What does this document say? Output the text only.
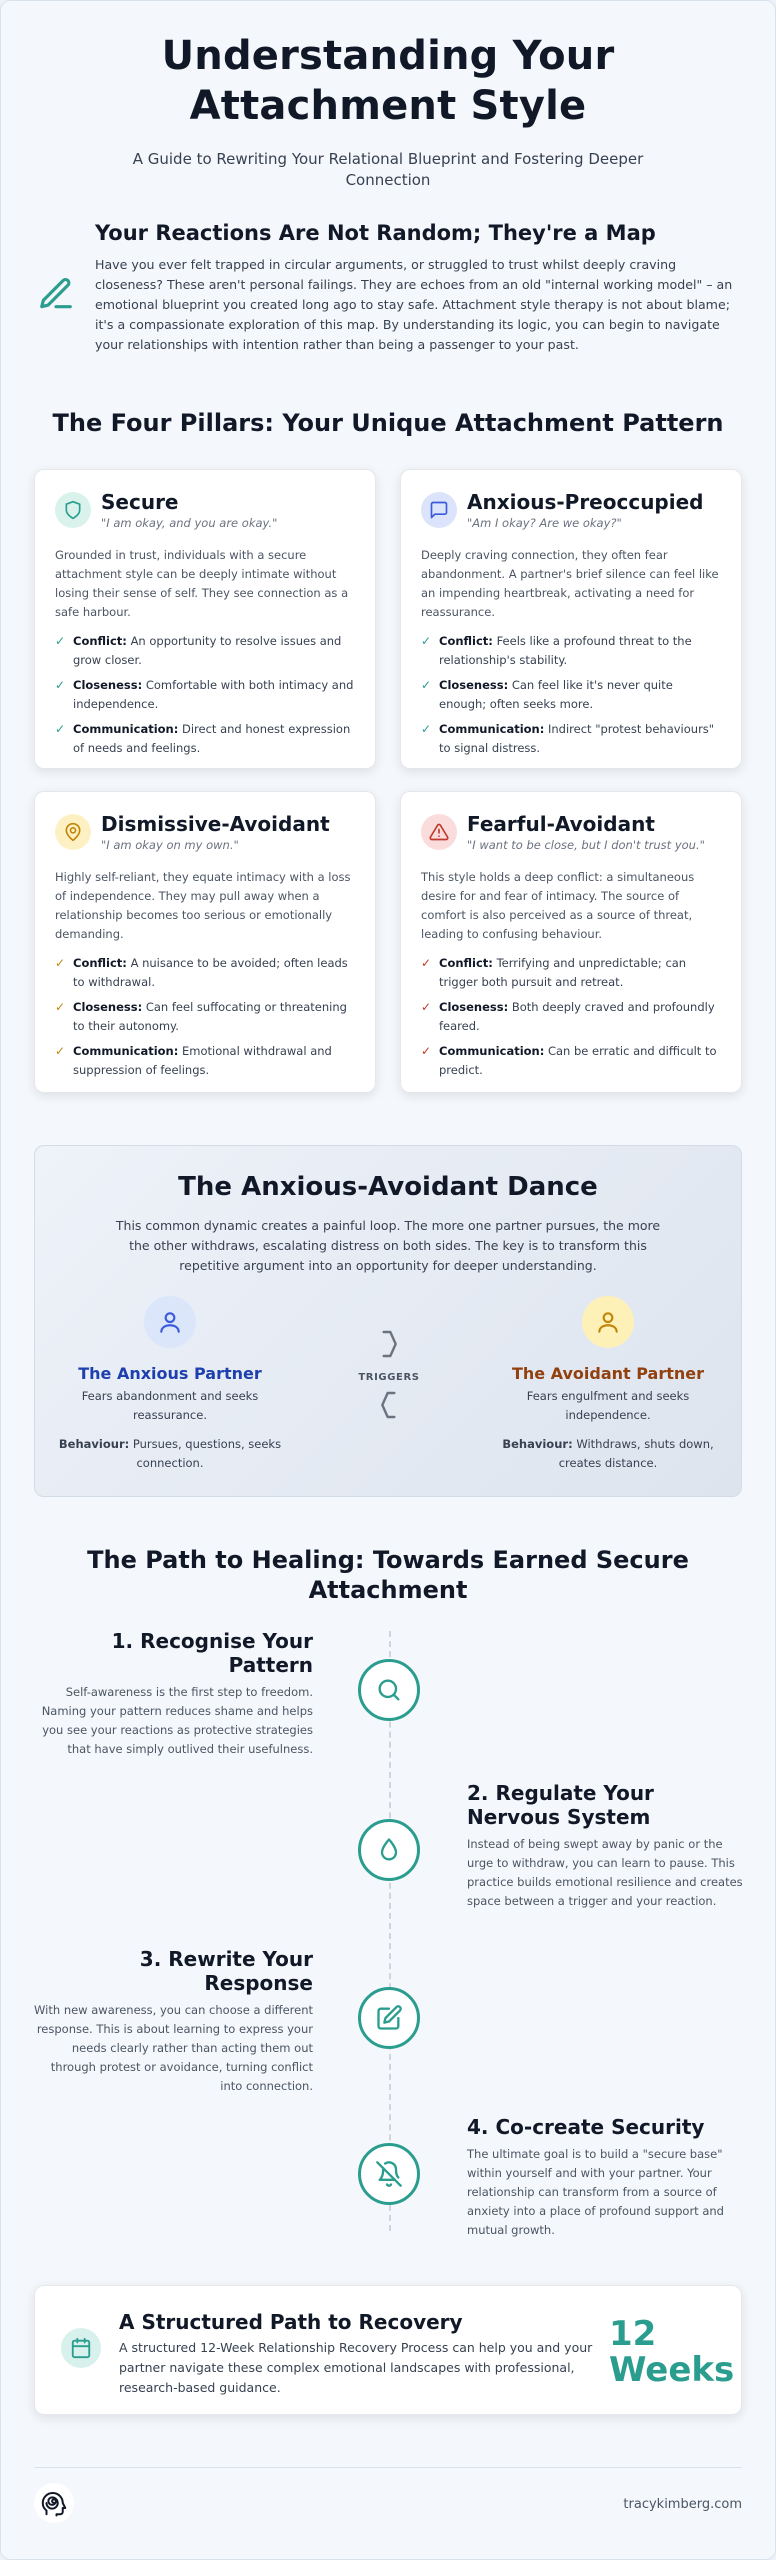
Understanding Your Attachment Style
A Guide to Rewriting Your Relational Blueprint and Fostering Deeper Connection
Your Reactions Are Not Random; They're a Map

Have you ever felt trapped in circular arguments, or struggled to trust whilst deeply craving closeness? These aren't personal failings. They are echoes from an old "internal working model" – an emotional blueprint you created long ago to stay safe. Attachment style therapy is not about blame; it's a compassionate exploration of this map. By understanding its logic, you can begin to navigate your relationships with intention rather than being a passenger to your past.

The Four Pillars: Your Unique Attachment Pattern
Secure
"I am okay, and you are okay."
Grounded in trust, individuals with a secure attachment style can be deeply intimate without losing their sense of self. They see connection as a safe harbour.
✓ Conflict: An opportunity to resolve issues and grow closer.
✓ Closeness: Comfortable with both intimacy and independence.
✓ Communication: Direct and honest expression of needs and feelings.
Anxious-Preoccupied
"Am I okay? Are we okay?"
Deeply craving connection, they often fear abandonment. A partner's brief silence can feel like an impending heartbreak, activating a need for reassurance.
✓ Conflict: Feels like a profound threat to the relationship's stability.
✓ Closeness: Can feel like it's never quite enough; often seeks more.
✓ Communication: Indirect "protest behaviours" to signal distress.
Dismissive-Avoidant
"I am okay on my own."
Highly self-reliant, they equate intimacy with a loss of independence. They may pull away when a relationship becomes too serious or emotionally demanding.
✓ Conflict: A nuisance to be avoided; often leads to withdrawal.
✓ Closeness: Can feel suffocating or threatening to their autonomy.
✓ Communication: Emotional withdrawal and suppression of feelings.
Fearful-Avoidant
"I want to be close, but I don't trust you."
This style holds a deep conflict: a simultaneous desire for and fear of intimacy. The source of comfort is also perceived as a source of threat, leading to confusing behaviour.
✓ Conflict: Terrifying and unpredictable; can trigger both pursuit and retreat.
✓ Closeness: Both deeply craved and profoundly feared.
✓ Communication: Can be erratic and difficult to predict.
The Anxious-Avoidant Dance
This common dynamic creates a painful loop. The more one partner pursues, the more the other withdraws, escalating distress on both sides. The key is to transform this repetitive argument into an opportunity for deeper understanding.
The Anxious Partner
Fears abandonment and seeks reassurance.
Behaviour: Pursues, questions, seeks connection.
TRIGGERS	The Avoidant Partner
Fears engulfment and seeks independence.
Behaviour: Withdraws, shuts down, creates distance.
The Path to Healing: Towards Earned Secure Attachment
1. Recognise Your Pattern

Self-awareness is the first step to freedom. Naming your pattern reduces shame and helps you see your reactions as protective strategies that have simply outlived their usefulness.

2. Regulate Your Nervous System

Instead of being swept away by panic or the urge to withdraw, you can learn to pause. This practice builds emotional resilience and creates space between a trigger and your reaction.

3. Rewrite Your Response

With new awareness, you can choose a different response. This is about learning to express your needs clearly rather than acting them out through protest or avoidance, turning conflict into connection.

4. Co-create Security

The ultimate goal is to build a "secure base" within yourself and with your partner. Your relationship can transform from a source of anxiety into a place of profound support and mutual growth.

A Structured Path to Recovery

A structured 12-Week Relationship Recovery Process can help you and your partner navigate these complex emotional landscapes with professional, research-based guidance.

12
Weeks
tracykimberg.com
